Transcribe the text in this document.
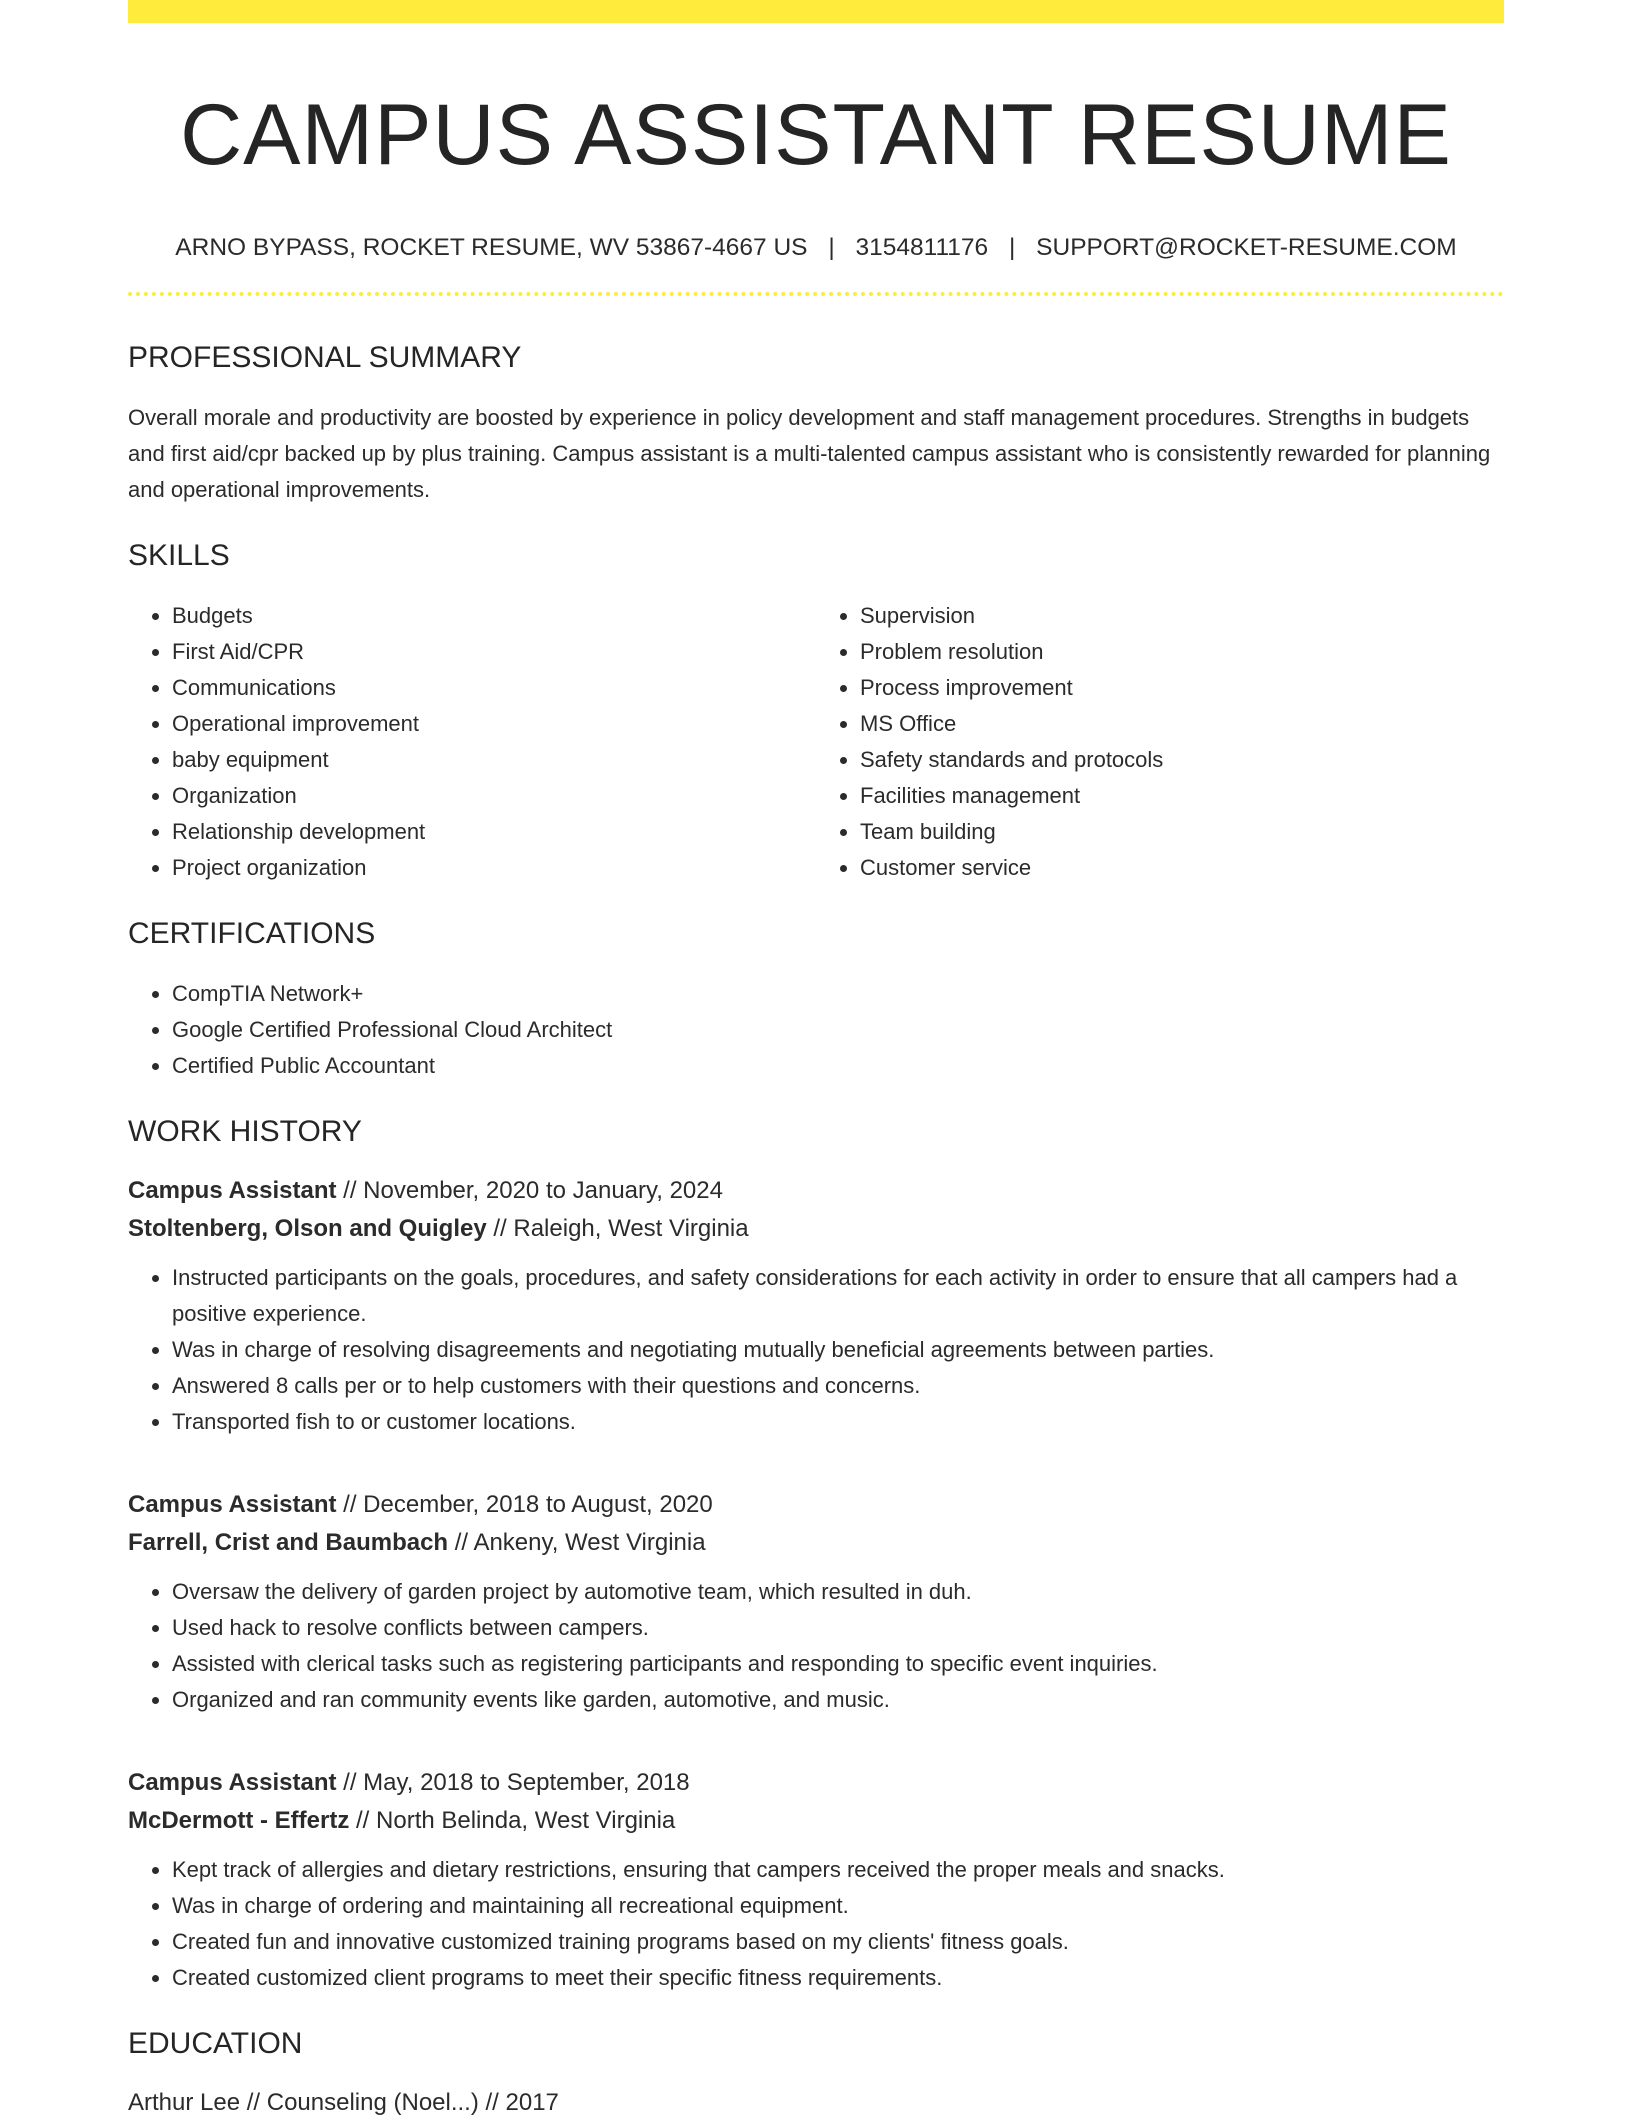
CAMPUS ASSISTANT RESUME
ARNO BYPASS, ROCKET RESUME, WV 53867-4667 US | 3154811176 | SUPPORT@ROCKET-RESUME.COM
PROFESSIONAL SUMMARY

Overall morale and productivity are boosted by experience in policy development and staff management procedures. Strengths in budgets and first aid/cpr backed up by plus training. Campus assistant is a multi-talented campus assistant who is consistently rewarded for planning and operational improvements.

SKILLS
• Budgets
• First Aid/CPR
• Communications
• Operational improvement
• baby equipment
• Organization
• Relationship development
• Project organization
• Supervision
• Problem resolution
• Process improvement
• MS Office
• Safety standards and protocols
• Facilities management
• Team building
• Customer service
CERTIFICATIONS
• CompTIA Network+
• Google Certified Professional Cloud Architect
• Certified Public Accountant
WORK HISTORY
Campus Assistant // November, 2020 to January, 2024
Stoltenberg, Olson and Quigley // Raleigh, West Virginia
• Instructed participants on the goals, procedures, and safety considerations for each activity in order to ensure that all campers had a positive experience.
• Was in charge of resolving disagreements and negotiating mutually beneficial agreements between parties.
• Answered 8 calls per or to help customers with their questions and concerns.
• Transported fish to or customer locations.
Campus Assistant // December, 2018 to August, 2020
Farrell, Crist and Baumbach // Ankeny, West Virginia
• Oversaw the delivery of garden project by automotive team, which resulted in duh.
• Used hack to resolve conflicts between campers.
• Assisted with clerical tasks such as registering participants and responding to specific event inquiries.
• Organized and ran community events like garden, automotive, and music.
Campus Assistant // May, 2018 to September, 2018
McDermott - Effertz // North Belinda, West Virginia
• Kept track of allergies and dietary restrictions, ensuring that campers received the proper meals and snacks.
• Was in charge of ordering and maintaining all recreational equipment.
• Created fun and innovative customized training programs based on my clients' fitness goals.
• Created customized client programs to meet their specific fitness requirements.
EDUCATION
Arthur Lee // Counseling (Noel...) // 2017
